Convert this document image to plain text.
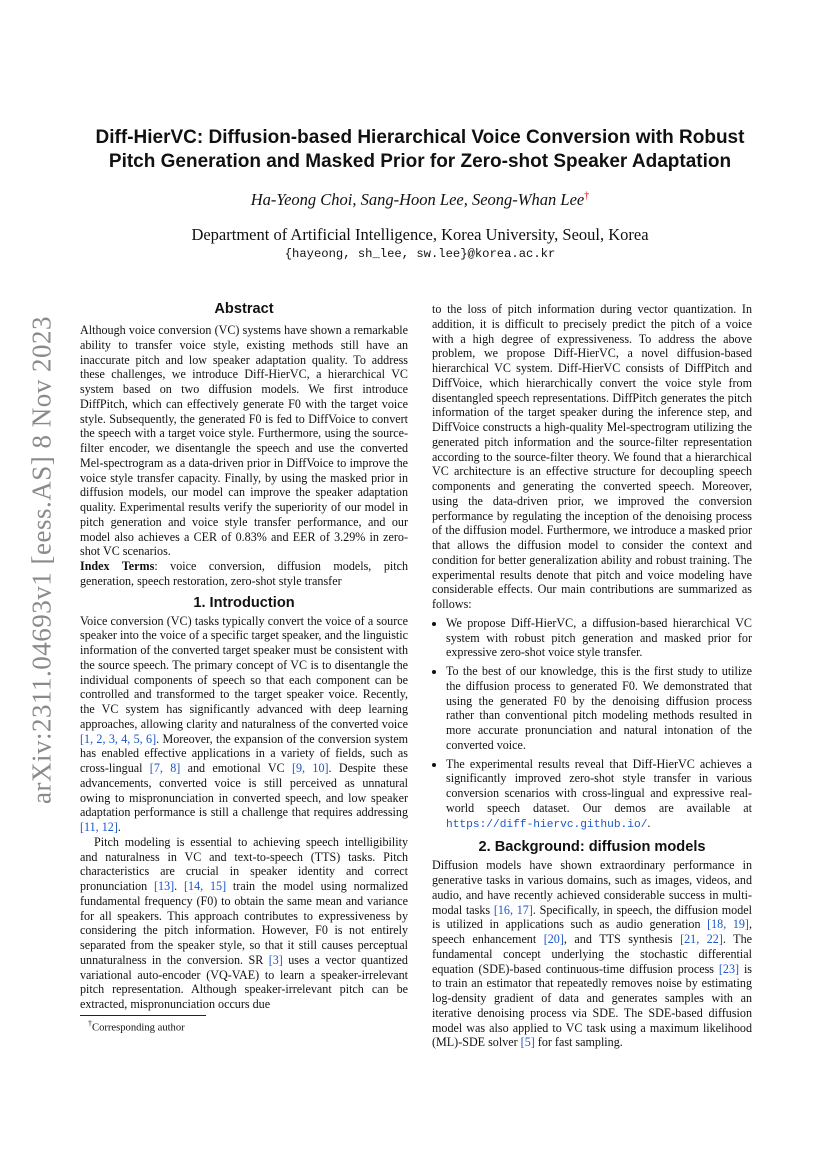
arXiv:2311.04693v1 [eess.AS] 8 Nov 2023
Diff-HierVC: Diffusion-based Hierarchical Voice Conversion with Robust
Pitch Generation and Masked Prior for Zero-shot Speaker Adaptation
Ha-Yeong Choi, Sang-Hoon Lee, Seong-Whan Lee†
Department of Artificial Intelligence, Korea University, Seoul, Korea
{hayeong, sh_lee, sw.lee}@korea.ac.kr
Abstract

Although voice conversion (VC) systems have shown a remarkable ability to transfer voice style, existing methods still have an inaccurate pitch and low speaker adaptation quality. To address these challenges, we introduce Diff-HierVC, a hierarchical VC system based on two diffusion models. We first introduce DiffPitch, which can effectively generate F0 with the target voice style. Subsequently, the generated F0 is fed to DiffVoice to convert the speech with a target voice style. Furthermore, using the source-filter encoder, we disentangle the speech and use the converted Mel-spectrogram as a data-driven prior in DiffVoice to improve the voice style transfer capacity. Finally, by using the masked prior in diffusion models, our model can improve the speaker adaptation quality. Experimental results verify the superiority of our model in pitch generation and voice style transfer performance, and our model also achieves a CER of 0.83% and EER of 3.29% in zero-shot VC scenarios.

Index Terms: voice conversion, diffusion models, pitch generation, speech restoration, zero-shot style transfer

1. Introduction

Voice conversion (VC) tasks typically convert the voice of a source speaker into the voice of a specific target speaker, and the linguistic information of the converted target speaker must be consistent with the source speech. The primary concept of VC is to disentangle the individual components of speech so that each component can be controlled and transformed to the target speaker voice. Recently, the VC system has significantly advanced with deep learning approaches, allowing clarity and naturalness of the converted voice [1, 2, 3, 4, 5, 6]. Moreover, the expansion of the conversion system has enabled effective applications in a variety of fields, such as cross-lingual [7, 8] and emotional VC [9, 10]. Despite these advancements, converted voice is still perceived as unnatural owing to mispronunciation in converted speech, and low speaker adaptation performance is still a challenge that requires addressing [11, 12].

Pitch modeling is essential to achieving speech intelligibility and naturalness in VC and text-to-speech (TTS) tasks. Pitch characteristics are crucial in speaker identity and correct pronunciation [13]. [14, 15] train the model using normalized fundamental frequency (F0) to obtain the same mean and variance for all speakers. This approach contributes to expressiveness by considering the pitch information. However, F0 is not entirely separated from the speaker style, so that it still causes perceptual unnaturalness in the conversion. SR [3] uses a vector quantized variational auto-encoder (VQ-VAE) to learn a speaker-irrelevant pitch representation. Although speaker-irrelevant pitch can be extracted, mispronunciation occurs due

to the loss of pitch information during vector quantization. In addition, it is difficult to precisely predict the pitch of a voice with a high degree of expressiveness. To address the above problem, we propose Diff-HierVC, a novel diffusion-based hierarchical VC system. Diff-HierVC consists of DiffPitch and DiffVoice, which hierarchically convert the voice style from disentangled speech representations. DiffPitch generates the pitch information of the target speaker during the inference step, and DiffVoice constructs a high-quality Mel-spectrogram utilizing the generated pitch information and the source-filter representation according to the source-filter theory. We found that a hierarchical VC architecture is an effective structure for decoupling speech components and generating the converted speech. Moreover, using the data-driven prior, we improved the conversion performance by regulating the inception of the denoising process of the diffusion model. Furthermore, we introduce a masked prior that allows the diffusion model to consider the context and condition for better generalization ability and robust training. The experimental results denote that pitch and voice modeling have considerable effects. Our main contributions are summarized as follows:

• We propose Diff-HierVC, a diffusion-based hierarchical VC system with robust pitch generation and masked prior for expressive zero-shot voice style transfer.
• To the best of our knowledge, this is the first study to utilize the diffusion process to generated F0. We demonstrated that using the generated F0 by the denoising diffusion process rather than conventional pitch modeling methods resulted in more accurate pronunciation and natural intonation of the converted voice.
• The experimental results reveal that Diff-HierVC achieves a significantly improved zero-shot style transfer in various conversion scenarios with cross-lingual and expressive real-world speech dataset. Our demos are available at https://diff-hiervc.github.io/.
2. Background: diffusion models

Diffusion models have shown extraordinary performance in generative tasks in various domains, such as images, videos, and audio, and have recently achieved considerable success in multi-modal tasks [16, 17]. Specifically, in speech, the diffusion model is utilized in applications such as audio generation [18, 19], speech enhancement [20], and TTS synthesis [21, 22]. The fundamental concept underlying the stochastic differential equation (SDE)-based continuous-time diffusion process [23] is to train an estimator that repeatedly removes noise by estimating log-density gradient of data and generates samples with an iterative denoising process via SDE. The SDE-based diffusion model was also applied to VC task using a maximum likelihood (ML)-SDE solver [5] for fast sampling.

†Corresponding author
